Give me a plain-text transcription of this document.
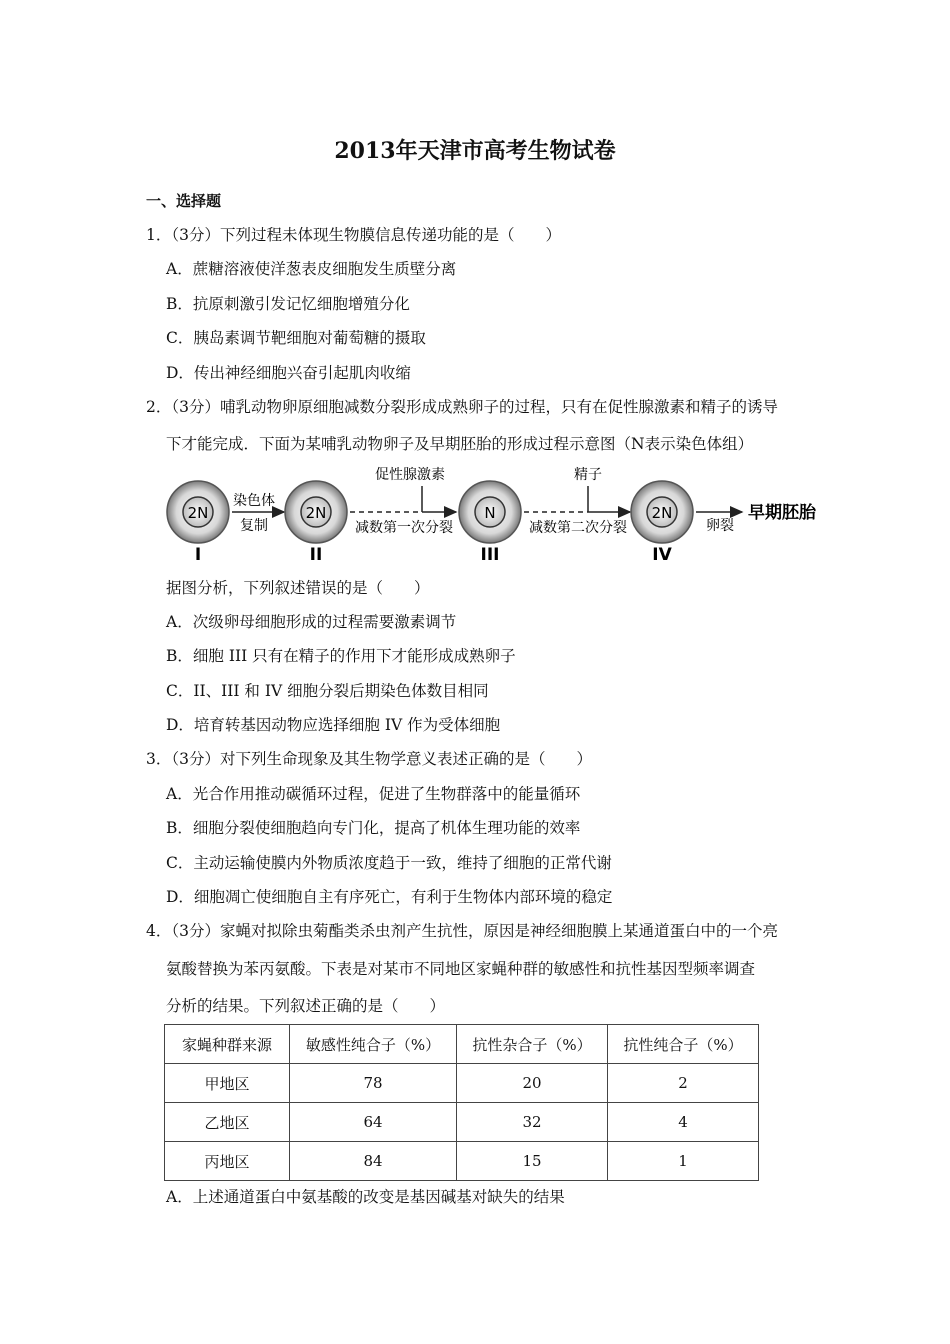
2013年天津市高考生物试卷
一、选择题
1．（3分）下列过程未体现生物膜信息传递功能的是（　　）
A．蔗糖溶液使洋葱表皮细胞发生质壁分离
B．抗原刺激引发记忆细胞增殖分化
C．胰岛素调节靶细胞对葡萄糖的摄取
D．传出神经细胞兴奋引起肌肉收缩
2．（3分）哺乳动物卵原细胞减数分裂形成成熟卵子的过程，只有在促性腺激素和精子的诱导
下才能完成．下面为某哺乳动物卵子及早期胚胎的形成过程示意图（N表示染色体组）
2N
I
染色体
复制
2N
II
促性腺激素
减数第一次分裂
N
III
精子
减数第二次分裂
2N
IV
卵裂
早期胚胎
据图分析，下列叙述错误的是（　　）
A．次级卵母细胞形成的过程需要激素调节
B．细胞 III 只有在精子的作用下才能形成成熟卵子
C．II、III 和 IV 细胞分裂后期染色体数目相同
D．培育转基因动物应选择细胞 IV 作为受体细胞
3．（3分）对下列生命现象及其生物学意义表述正确的是（　　）
A．光合作用推动碳循环过程，促进了生物群落中的能量循环
B．细胞分裂使细胞趋向专门化，提高了机体生理功能的效率
C．主动运输使膜内外物质浓度趋于一致，维持了细胞的正常代谢
D．细胞凋亡使细胞自主有序死亡，有利于生物体内部环境的稳定
4．（3分）家蝇对拟除虫菊酯类杀虫剂产生抗性，原因是神经细胞膜上某通道蛋白中的一个亮
氨酸替换为苯丙氨酸。下表是对某市不同地区家蝇种群的敏感性和抗性基因型频率调查
分析的结果。下列叙述正确的是（　　）
家蝇种群来源	敏感性纯合子（%）	抗性杂合子（%）	抗性纯合子（%）
甲地区	78	20	2
乙地区	64	32	4
丙地区	84	15	1
A．上述通道蛋白中氨基酸的改变是基因碱基对缺失的结果
